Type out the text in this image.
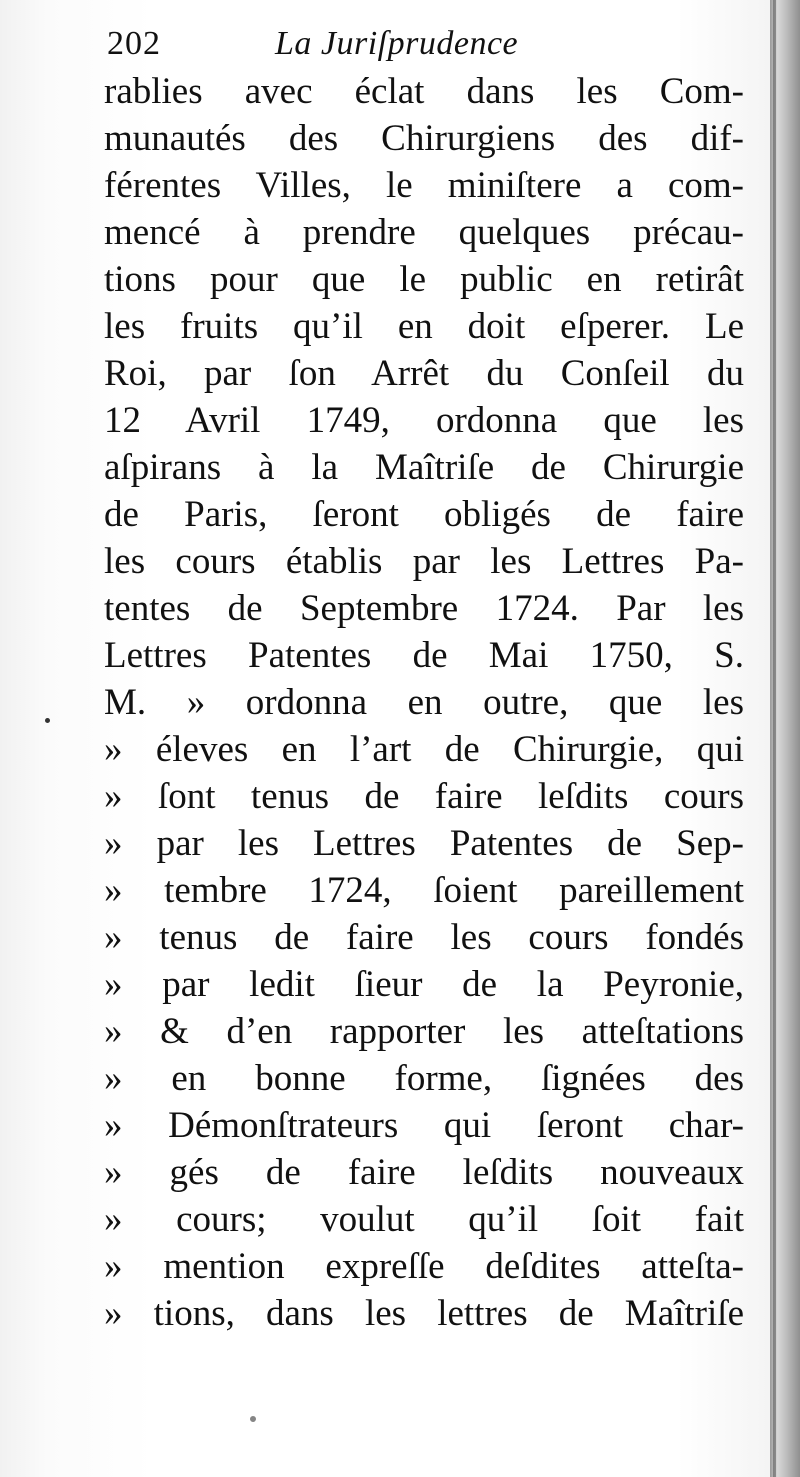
202	La Juriſprudence
rablies avec éclat dans les Com-
munautés des Chirurgiens des dif-
férentes Villes, le miniſtere a com-
mencé à prendre quelques précau-
tions pour que le public en retirât
les fruits qu’il en doit eſperer. Le
Roi, par ſon Arrêt du Conſeil du
12 Avril 1749, ordonna que les
aſpirans à la Maîtriſe de Chirurgie
de Paris, ſeront obligés de faire
les cours établis par les Lettres Pa-
tentes de Septembre 1724. Par les
Lettres Patentes de Mai 1750, S.
M. » ordonna en outre, que les
» éleves en l’art de Chirurgie, qui
» ſont tenus de faire leſdits cours
» par les Lettres Patentes de Sep-
» tembre 1724, ſoient pareillement
» tenus de faire les cours fondés
» par ledit ſieur de la Peyronie,
» & d’en rapporter les atteſtations
» en bonne forme, ſignées des
» Démonſtrateurs qui ſeront char-
» gés de faire leſdits nouveaux
» cours; voulut qu’il ſoit fait
» mention expreſſe deſdites atteſta-
» tions, dans les lettres de Maîtriſe
